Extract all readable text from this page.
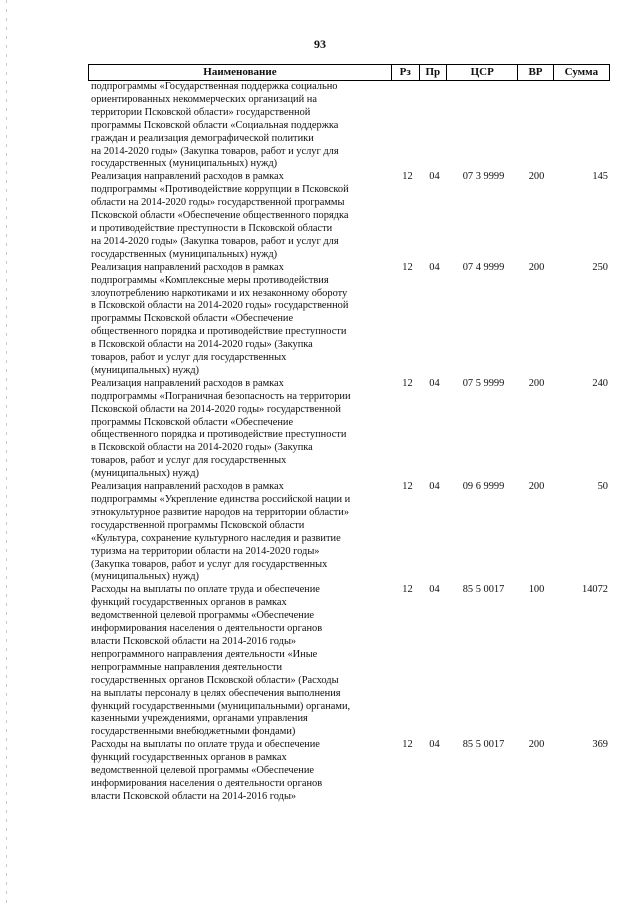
93
Наименование	Рз	Пр	ЦСР	ВР	Сумма
подпрограммы «Государственная поддержка социально
ориентированных некоммерческих организаций на
территории Псковской области» государственной
программы Псковской области «Социальная поддержка
граждан и реализация демографической политики
на 2014-2020 годы» (Закупка товаров, работ и услуг для
государственных (муниципальных) нужд)
Реализация направлений расходов в рамках
подпрограммы «Противодействие коррупции в Псковской
области на 2014-2020 годы» государственной программы
Псковской области «Обеспечение общественного порядка
и противодействие преступности в Псковской области
на 2014-2020 годы» (Закупка товаров, работ и услуг для
государственных (муниципальных) нужд)
12	04	07 3 9999	200	145
Реализация направлений расходов в рамках
подпрограммы «Комплексные меры противодействия
злоупотреблению наркотиками и их незаконному обороту
в Псковской области на 2014-2020 годы» государственной
программы Псковской области «Обеспечение
общественного порядка и противодействие преступности
в Псковской области на 2014-2020 годы» (Закупка
товаров, работ и услуг для государственных
(муниципальных) нужд)
12	04	07 4 9999	200	250
Реализация направлений расходов в рамках
подпрограммы «Пограничная безопасность на территории
Псковской области на 2014-2020 годы» государственной
программы Псковской области «Обеспечение
общественного порядка и противодействие преступности
в Псковской области на 2014-2020 годы» (Закупка
товаров, работ и услуг для государственных
(муниципальных) нужд)
12	04	07 5 9999	200	240
Реализация направлений расходов в рамках
подпрограммы «Укрепление единства российской нации и
этнокультурное развитие народов на территории области»
государственной программы Псковской области
«Культура, сохранение культурного наследия и развитие
туризма на территории области на 2014-2020 годы»
(Закупка товаров, работ и услуг для государственных
(муниципальных) нужд)
12	04	09 6 9999	200	50
Расходы на выплаты по оплате труда и обеспечение
функций государственных органов в рамках
ведомственной целевой программы «Обеспечение
информирования населения о деятельности органов
власти Псковской области на 2014-2016 годы»
непрограммного направления деятельности «Иные
непрограммные направления деятельности
государственных органов Псковской области» (Расходы
на выплаты персоналу в целях обеспечения выполнения
функций государственными (муниципальными) органами,
казенными учреждениями, органами управления
государственными внебюджетными фондами)
12	04	85 5 0017	100	14072
Расходы на выплаты по оплате труда и обеспечение
функций государственных органов в рамках
ведомственной целевой программы «Обеспечение
информирования населения о деятельности органов
власти Псковской области на 2014-2016 годы»
12	04	85 5 0017	200	369
